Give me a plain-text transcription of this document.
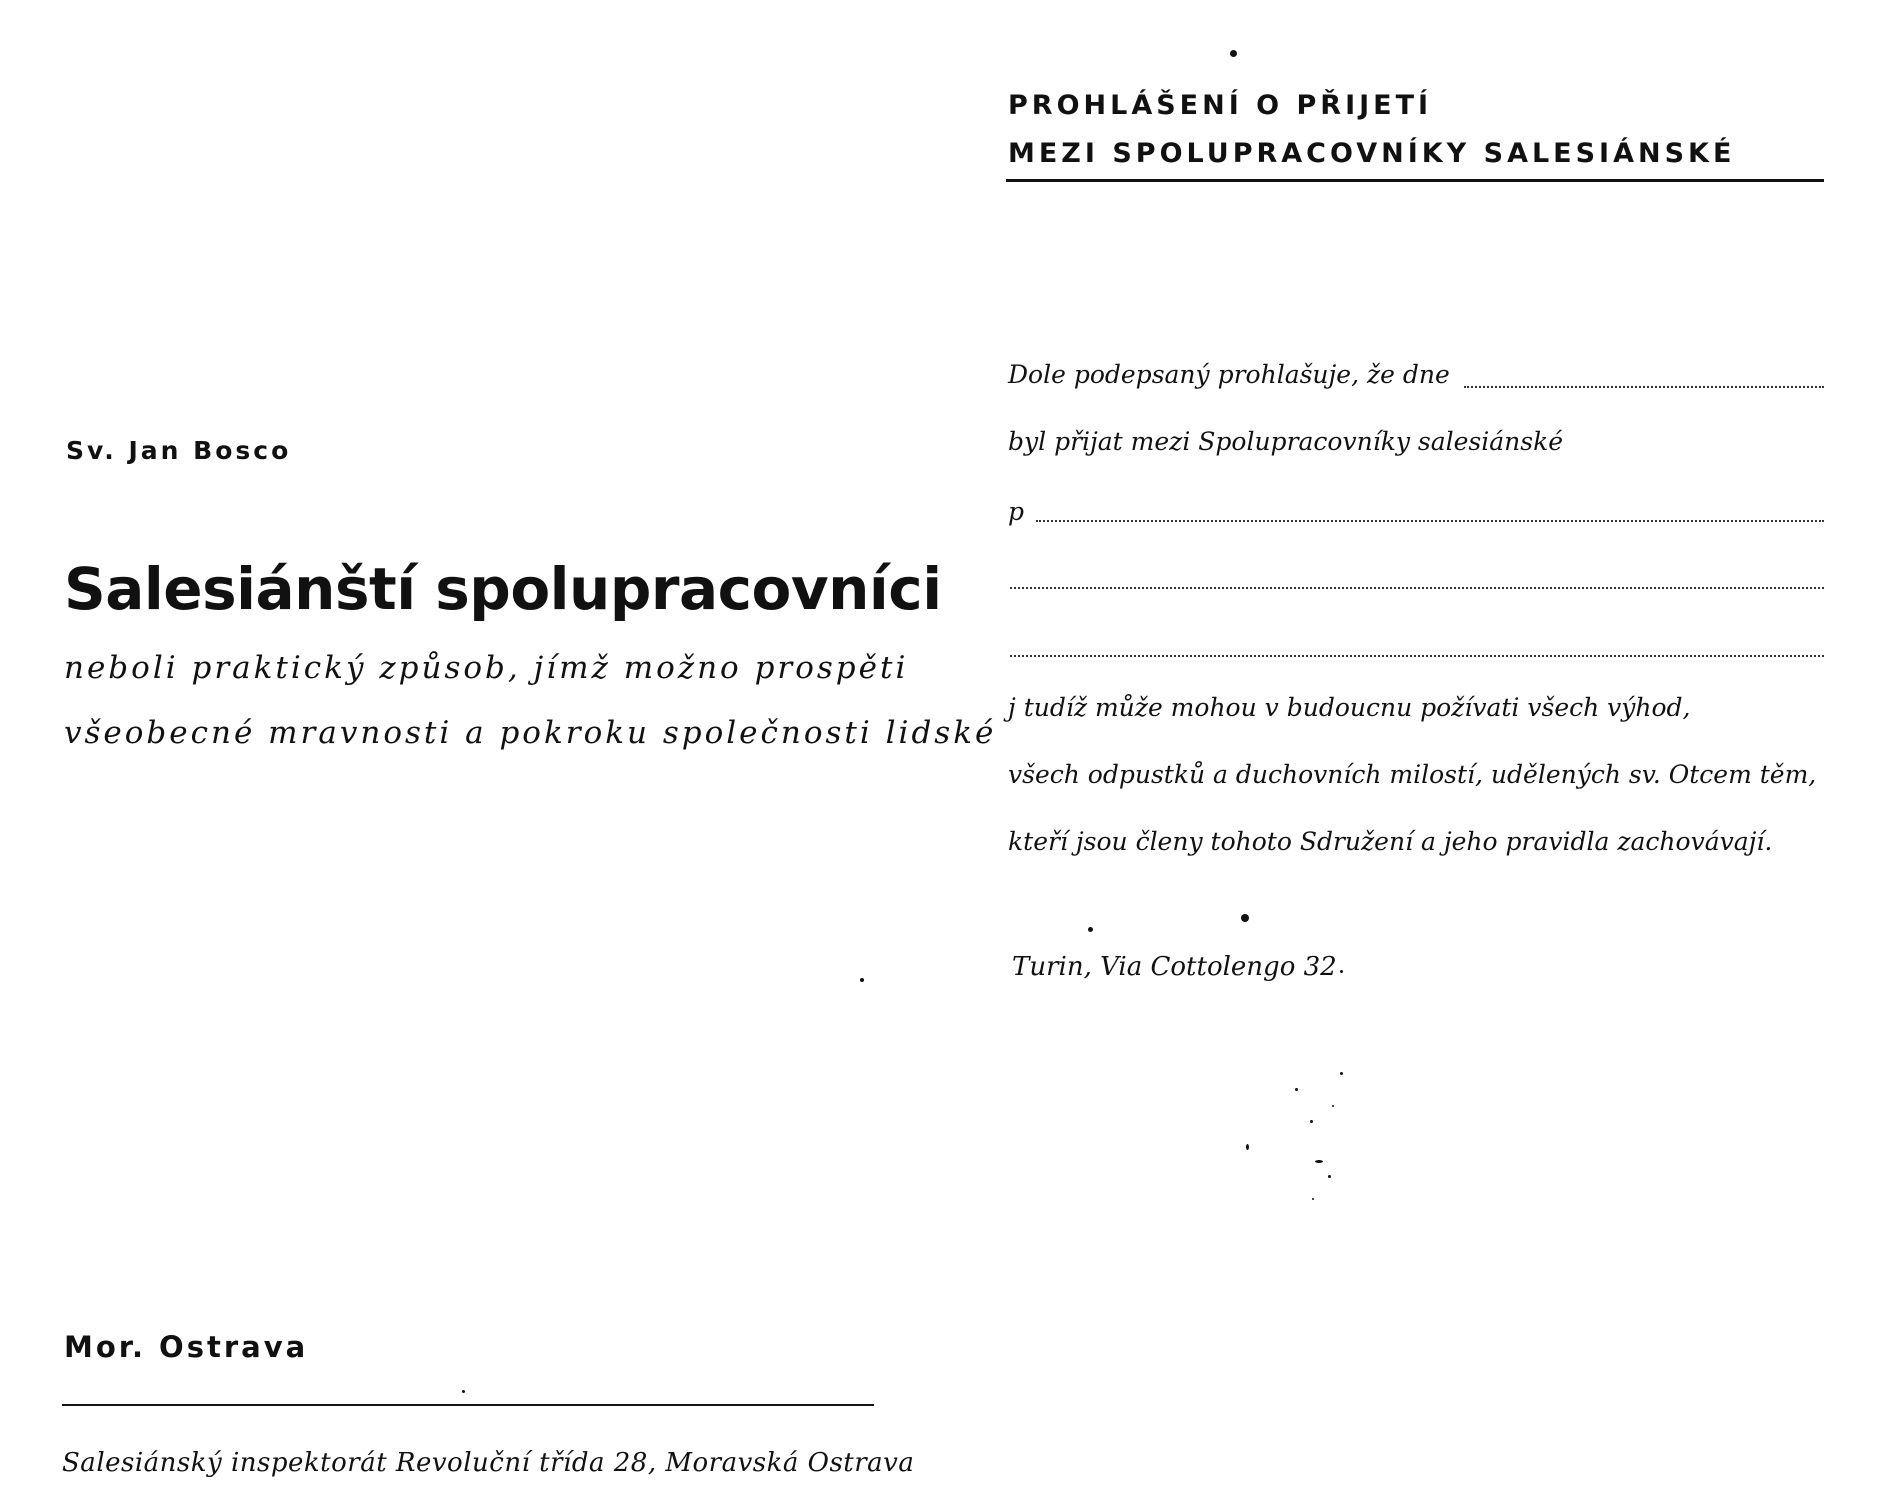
Sv. Jan Bosco

Salesiánští spolupracovníci

neboli praktický způsob, jímž možno prospěti

všeobecné mravnosti a pokroku společnosti lidské

Mor. Ostrava

Salesiánský inspektorát Revoluční třída 28, Moravská Ostrava

PROHLÁŠENÍ O PŘIJETÍ

MEZI SPOLUPRACOVNÍKY SALESIÁNSKÉ

Dole podepsaný prohlašuje, že dne

byl přijat mezi Spolupracovníky salesiánské

p

j tudíž může mohou v budoucnu požívati všech výhod,

všech odpustků a duchovních milostí, udělených sv. Otcem těm,

kteří jsou členy tohoto Sdružení a jeho pravidla zachovávají.

Turin, Via Cottolengo 32
